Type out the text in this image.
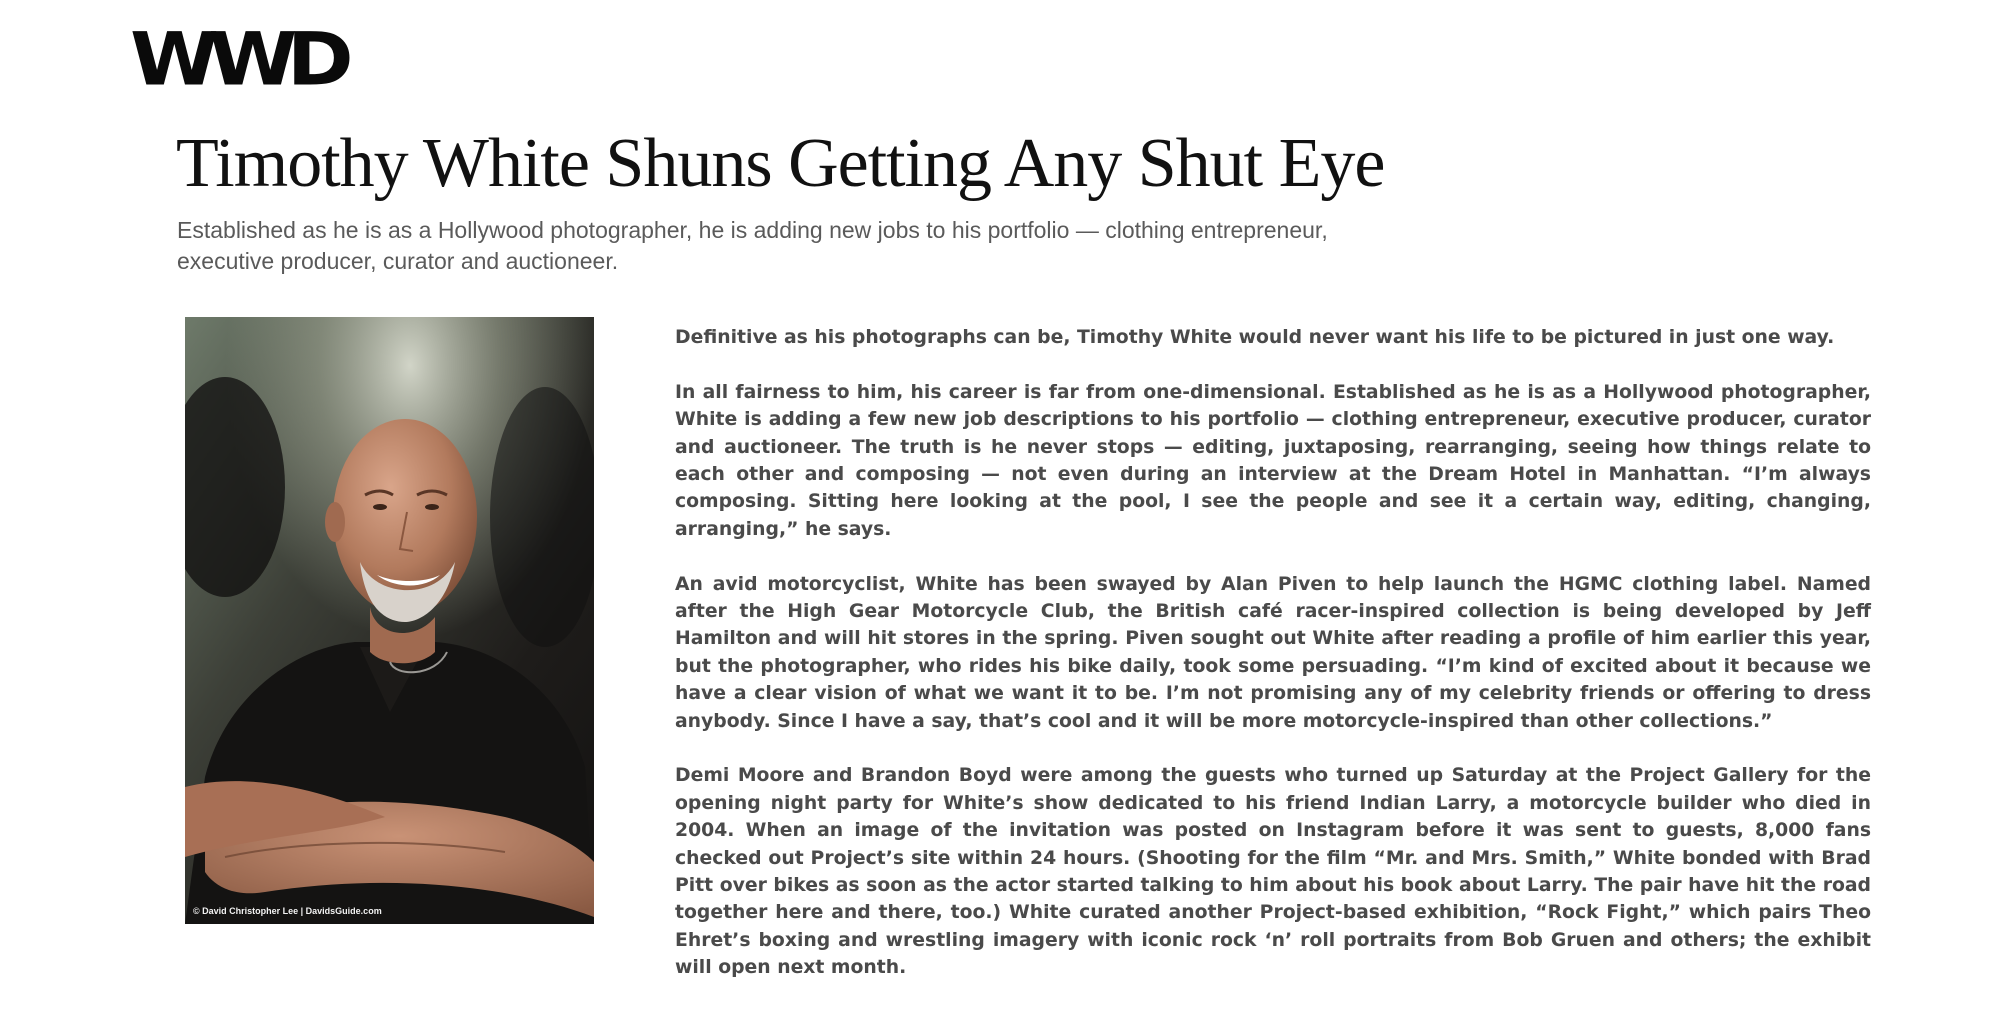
WWD
Timothy White Shuns Getting Any Shut Eye

Established as he is as a Hollywood photographer, he is adding new jobs to his portfolio — clothing entrepreneur, executive producer, curator and auctioneer.

© David Christopher Lee | DavidsGuide.com

Definitive as his photographs can be, Timothy White would never want his life to be pictured in just one way.

In all fairness to him, his career is far from one-dimensional. Established as he is as a Hollywood photographer, White is adding a few new job descriptions to his portfolio — clothing entrepreneur, executive producer, curator and auctioneer. The truth is he never stops — editing, juxtaposing, rearranging, seeing how things relate to each other and composing — not even during an interview at the Dream Hotel in Manhattan. “I’m always composing. Sitting here looking at the pool, I see the people and see it a certain way, editing, changing, arranging,” he says.

An avid motorcyclist, White has been swayed by Alan Piven to help launch the HGMC clothing label. Named after the High Gear Motorcycle Club, the British café racer-inspired collection is being developed by Jeff Hamilton and will hit stores in the spring. Piven sought out White after reading a profile of him earlier this year, but the photographer, who rides his bike daily, took some persuading. “I’m kind of excited about it because we have a clear vision of what we want it to be. I’m not promising any of my celebrity friends or offering to dress anybody. Since I have a say, that’s cool and it will be more motorcycle-inspired than other collections.”

Demi Moore and Brandon Boyd were among the guests who turned up Saturday at the Project Gallery for the opening night party for White’s show dedicated to his friend Indian Larry, a motorcycle builder who died in 2004. When an image of the invitation was posted on Instagram before it was sent to guests, 8,000 fans checked out Project’s site within 24 hours. (Shooting for the film “Mr. and Mrs. Smith,” White bonded with Brad Pitt over bikes as soon as the actor started talking to him about his book about Larry. The pair have hit the road together here and there, too.) White curated another Project-based exhibition, “Rock Fight,” which pairs Theo Ehret’s boxing and wrestling imagery with iconic rock ‘n’ roll portraits from Bob Gruen and others; the exhibit will open next month.
